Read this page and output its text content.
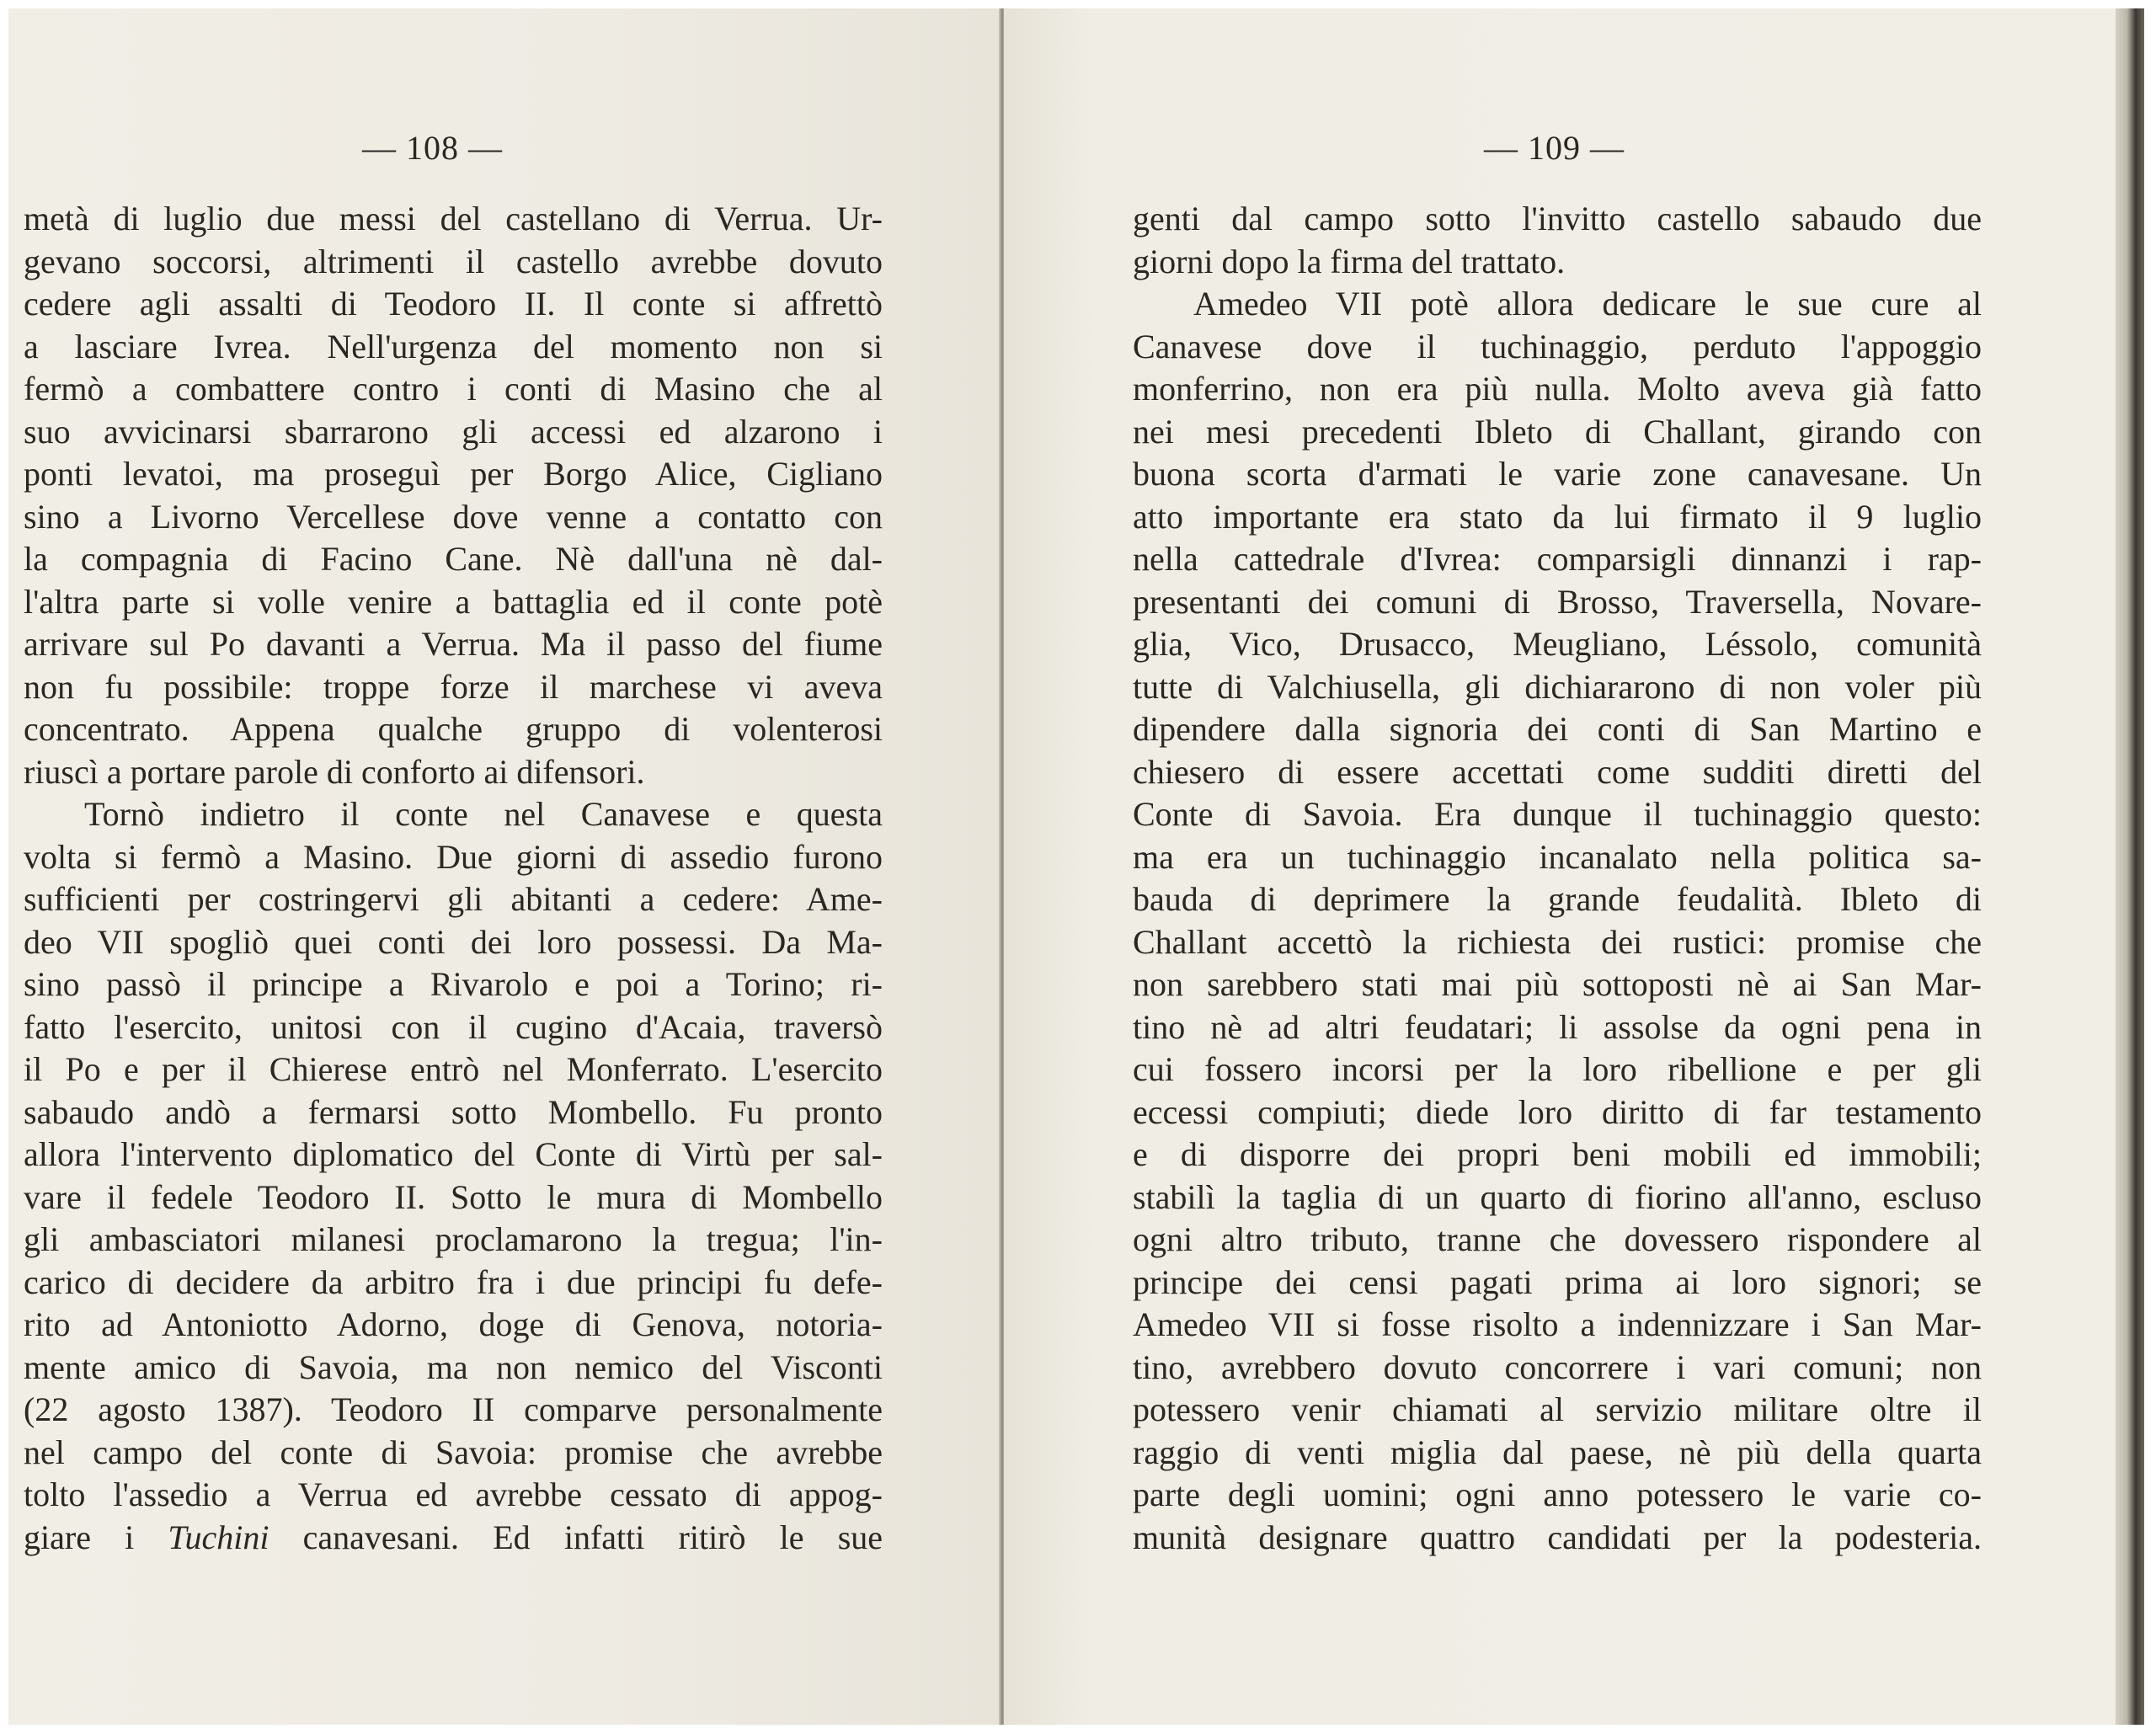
— 108 —
metà di luglio due messi del castellano di Verrua. Ur-
gevano soccorsi, altrimenti il castello avrebbe dovuto
cedere agli assalti di Teodoro II. Il conte si affrettò
a lasciare Ivrea. Nell'urgenza del momento non si
fermò a combattere contro i conti di Masino che al
suo avvicinarsi sbarrarono gli accessi ed alzarono i
ponti levatoi, ma proseguì per Borgo Alice, Cigliano
sino a Livorno Vercellese dove venne a contatto con
la compagnia di Facino Cane. Nè dall'una nè dal-
l'altra parte si volle venire a battaglia ed il conte potè
arrivare sul Po davanti a Verrua. Ma il passo del fiume
non fu possibile: troppe forze il marchese vi aveva
concentrato. Appena qualche gruppo di volenterosi
riuscì a portare parole di conforto ai difensori.
Tornò indietro il conte nel Canavese e questa
volta si fermò a Masino. Due giorni di assedio furono
sufficienti per costringervi gli abitanti a cedere: Ame-
deo VII spogliò quei conti dei loro possessi. Da Ma-
sino passò il principe a Rivarolo e poi a Torino; ri-
fatto l'esercito, unitosi con il cugino d'Acaia, traversò
il Po e per il Chierese entrò nel Monferrato. L'esercito
sabaudo andò a fermarsi sotto Mombello. Fu pronto
allora l'intervento diplomatico del Conte di Virtù per sal-
vare il fedele Teodoro II. Sotto le mura di Mombello
gli ambasciatori milanesi proclamarono la tregua; l'in-
carico di decidere da arbitro fra i due principi fu defe-
rito ad Antoniotto Adorno, doge di Genova, notoria-
mente amico di Savoia, ma non nemico del Visconti
(22 agosto 1387). Teodoro II comparve personalmente
nel campo del conte di Savoia: promise che avrebbe
tolto l'assedio a Verrua ed avrebbe cessato di appog-
giare i Tuchini canavesani. Ed infatti ritirò le sue
— 109 —
genti dal campo sotto l'invitto castello sabaudo due
giorni dopo la firma del trattato.
Amedeo VII potè allora dedicare le sue cure al
Canavese dove il tuchinaggio, perduto l'appoggio
monferrino, non era più nulla. Molto aveva già fatto
nei mesi precedenti Ibleto di Challant, girando con
buona scorta d'armati le varie zone canavesane. Un
atto importante era stato da lui firmato il 9 luglio
nella cattedrale d'Ivrea: comparsigli dinnanzi i rap-
presentanti dei comuni di Brosso, Traversella, Novare-
glia, Vico, Drusacco, Meugliano, Léssolo, comunità
tutte di Valchiusella, gli dichiararono di non voler più
dipendere dalla signoria dei conti di San Martino e
chiesero di essere accettati come sudditi diretti del
Conte di Savoia. Era dunque il tuchinaggio questo:
ma era un tuchinaggio incanalato nella politica sa-
bauda di deprimere la grande feudalità. Ibleto di
Challant accettò la richiesta dei rustici: promise che
non sarebbero stati mai più sottoposti nè ai San Mar-
tino nè ad altri feudatari; li assolse da ogni pena in
cui fossero incorsi per la loro ribellione e per gli
eccessi compiuti; diede loro diritto di far testamento
e di disporre dei propri beni mobili ed immobili;
stabilì la taglia di un quarto di fiorino all'anno, escluso
ogni altro tributo, tranne che dovessero rispondere al
principe dei censi pagati prima ai loro signori; se
Amedeo VII si fosse risolto a indennizzare i San Mar-
tino, avrebbero dovuto concorrere i vari comuni; non
potessero venir chiamati al servizio militare oltre il
raggio di venti miglia dal paese, nè più della quarta
parte degli uomini; ogni anno potessero le varie co-
munità designare quattro candidati per la podesteria.
